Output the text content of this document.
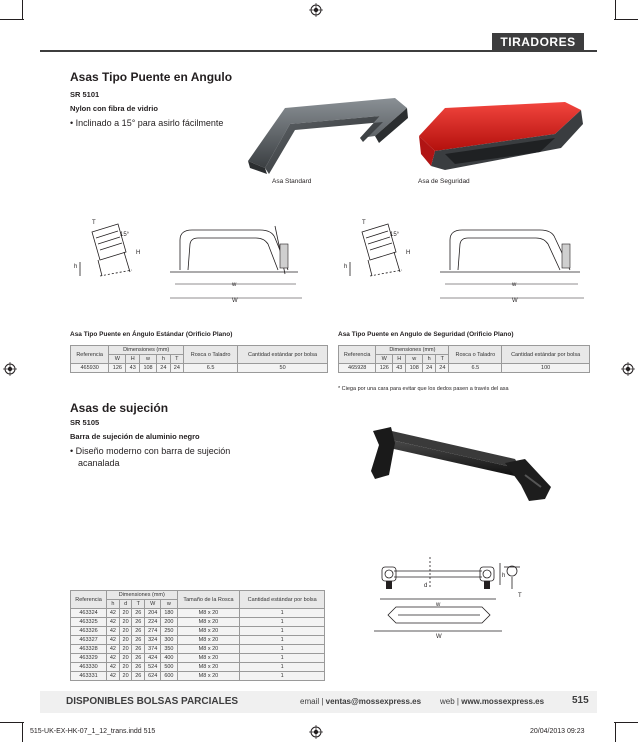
TIRADORES
Asas Tipo Puente en Angulo
SR 5101
Nylon con fibra de vidrio
• Inclinado a 15° para asirlo fácilmente
Asa Standard	Asa de Seguridad
T
15°
H
h
w
W
T
15°
H
h
w
W
Asa Tipo Puente en Ángulo Estándar (Orificio Plano)
Referencia	Dimensiones (mm)					Rosca o Taladro	Cantidad estándar por bolsa
	W	H	w	h	T		
465930	126	43	108	24	24	6.5	50
Asa Tipo Puente en Angulo de Seguridad (Orificio Plano)
Referencia	Dimensiones (mm)					Rosca o Taladro	Cantidad estándar por bolsa
	W	H	w	h	T		
465928	126	43	108	24	24	6.5	100
* Ciega por una cara para evitar que los dedos pasen a través del asa
Asas de sujeción
SR 5105
Barra de sujeción de aluminio negro
• Diseño moderno con barra de sujeción
acanalada
d
h
T
w
W
Referencia	Dimensiones (mm)					Tamaño de la Rosca	Cantidad estándar por bolsa
	h	d	T	W	w		
463324	42	20	26	204	180	M8 x 20	1
463325	42	20	26	224	200	M8 x 20	1
463326	42	20	26	274	250	M8 x 20	1
463327	42	20	26	324	300	M8 x 20	1
463328	42	20	26	374	350	M8 x 20	1
463329	42	20	26	424	400	M8 x 20	1
463330	42	20	26	524	500	M8 x 20	1
463331	42	20	26	624	600	M8 x 20	1
DISPONIBLES BOLSAS PARCIALES	email | ventas@mossexpress.es web | www.mossexpress.es	515
515-UK-EX-HK-07_1_12_trans.indd 515	20/04/2013 09:23
